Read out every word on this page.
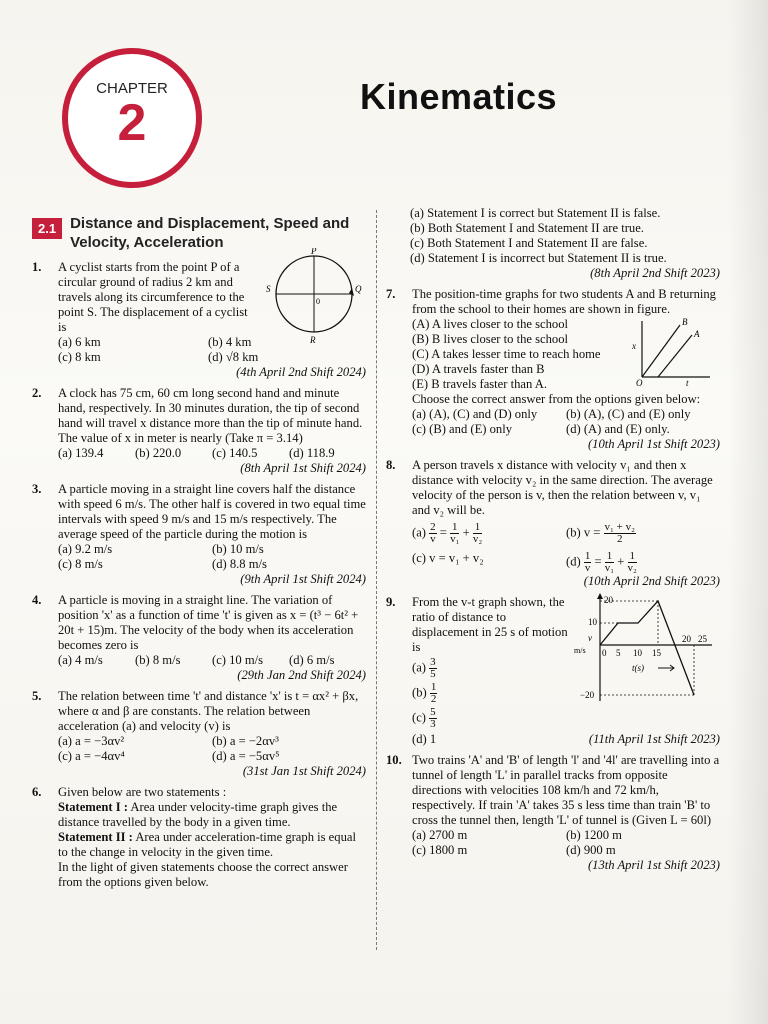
CHAPTER
2	Kinematics
2.1 Distance and Displacement, Speed and Velocity, Acceleration
1. A cyclist starts from the point P of a circular ground of radius 2 km and travels along its circumference to the point S. The displacement of a cyclist is
(a) 6 km	(b) 4 km
(c) 8 km	(d) √8 km
(4th April 2nd Shift 2024)
P
Q
R
S
0
2. A clock has 75 cm, 60 cm long second hand and minute hand, respectively. In 30 minutes duration, the tip of second hand will travel x distance more than the tip of minute hand. The value of x in meter is nearly (Take π = 3.14)
(a) 139.4	(b) 220.0	(c) 140.5	(d) 118.9
(8th April 1st Shift 2024)
3. A particle moving in a straight line covers half the distance with speed 6 m/s. The other half is covered in two equal time intervals with speed 9 m/s and 15 m/s respectively. The average speed of the particle during the motion is
(a) 9.2 m/s	(b) 10 m/s
(c) 8 m/s	(d) 8.8 m/s
(9th April 1st Shift 2024)
4. A particle is moving in a straight line. The variation of position 'x' as a function of time 't' is given as x = (t³ − 6t² + 20t + 15)m. The velocity of the body when its acceleration becomes zero is
(a) 4 m/s	(b) 8 m/s	(c) 10 m/s	(d) 6 m/s
(29th Jan 2nd Shift 2024)
5. The relation between time 't' and distance 'x' is t = αx² + βx, where α and β are constants. The relation between acceleration (a) and velocity (v) is
(a) a = −3αv²	(b) a = −2αv³
(c) a = −4αv⁴	(d) a = −5αv⁵
(31st Jan 1st Shift 2024)
6. Given below are two statements :
Statement I : Area under velocity-time graph gives the distance travelled by the body in a given time.
Statement II : Area under acceleration-time graph is equal to the change in velocity in the given time.
In the light of given statements choose the correct answer from the options given below.
(a) Statement I is correct but Statement II is false.
(b) Both Statement I and Statement II are true.
(c) Both Statement I and Statement II are false.
(d) Statement I is incorrect but Statement II is true.
(8th April 2nd Shift 2023)
7. The position-time graphs for two students A and B returning from the school to their homes are shown in figure.
(A) A lives closer to the school
(B) B lives closer to the school
(C) A takes lesser time to reach home
(D) A travels faster than B
(E) B travels faster than A.
Choose the correct answer from the options given below:
(a) (A), (C) and (D) only	(b) (A), (C) and (E) only
(c) (B) and (E) only	(d) (A) and (E) only.
(10th April 1st Shift 2023)
B
A
x
t
O
8. A person travels x distance with velocity v₁ and then x distance with velocity v₂ in the same direction. The average velocity of the person is v, then the relation between v, v₁ and v₂ will be.
$(a) \frac{2}{v} = \frac{1}{\text{v₁}} + \frac{1}{\text{v₂}}$	(b) $v = \frac{\text{v₁ + v₂}}{2}$
(c) v = v₁ + v₂	$(d) \frac{1}{v} = \frac{1}{\text{v₁}} + \frac{1}{\text{v₂}}$
(10th April 2nd Shift 2023)
9. From the v-t graph shown, the ratio of distance to displacement in 25 s of motion is
$(a) \frac{3}{5}$
$(b) \frac{1}{2}$
$(c) \frac{5}{3}$
(d) 1	(11th April 1st Shift 2023)
20
10
−20
v
m/s 0 5 10 15
20 25
t(s)
10. Two trains 'A' and 'B' of length 'l' and '4l' are travelling into a tunnel of length 'L' in parallel tracks from opposite directions with velocities 108 km/h and 72 km/h, respectively. If train 'A' takes 35 s less time than train 'B' to cross the tunnel then, length 'L' of tunnel is (Given L = 60l)
(a) 2700 m	(b) 1200 m
(c) 1800 m	(d) 900 m
(13th April 1st Shift 2023)
